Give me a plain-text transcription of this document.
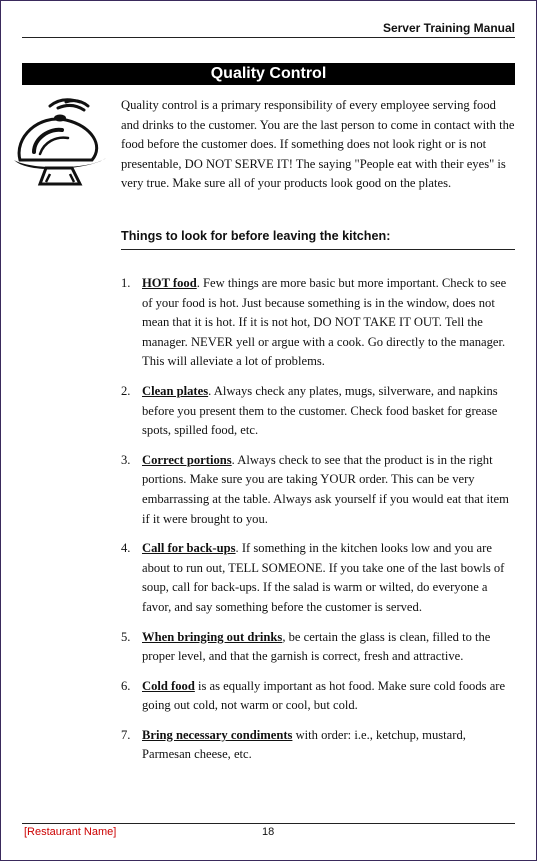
Server Training Manual
Quality Control

Quality control is a primary responsibility of every employee serving food and drinks to the customer. You are the last person to come in contact with the food before the customer does. If something does not look right or is not presentable, DO NOT SERVE IT! The saying "People eat with their eyes" is very true. Make sure all of your products look good on the plates.

Things to look for before leaving the kitchen:
1. HOT food. Few things are more basic but more important. Check to see of your food is hot. Just because something is in the window, does not mean that it is hot. If it is not hot, DO NOT TAKE IT OUT. Tell the manager. NEVER yell or argue with a cook. Go directly to the manager. This will alleviate a lot of problems.
2. Clean plates. Always check any plates, mugs, silverware, and napkins before you present them to the customer. Check food basket for grease spots, spilled food, etc.
3. Correct portions. Always check to see that the product is in the right portions. Make sure you are taking YOUR order. This can be very embarrassing at the table. Always ask yourself if you would eat that item if it were brought to you.
4. Call for back-ups. If something in the kitchen looks low and you are about to run out, TELL SOMEONE. If you take one of the last bowls of soup, call for back-ups. If the salad is warm or wilted, do everyone a favor, and say something before the customer is served.
5. When bringing out drinks, be certain the glass is clean, filled to the proper level, and that the garnish is correct, fresh and attractive.
6. Cold food is as equally important as hot food. Make sure cold foods are going out cold, not warm or cool, but cold.
7. Bring necessary condiments with order: i.e., ketchup, mustard, Parmesan cheese, etc.
[Restaurant Name]	18
